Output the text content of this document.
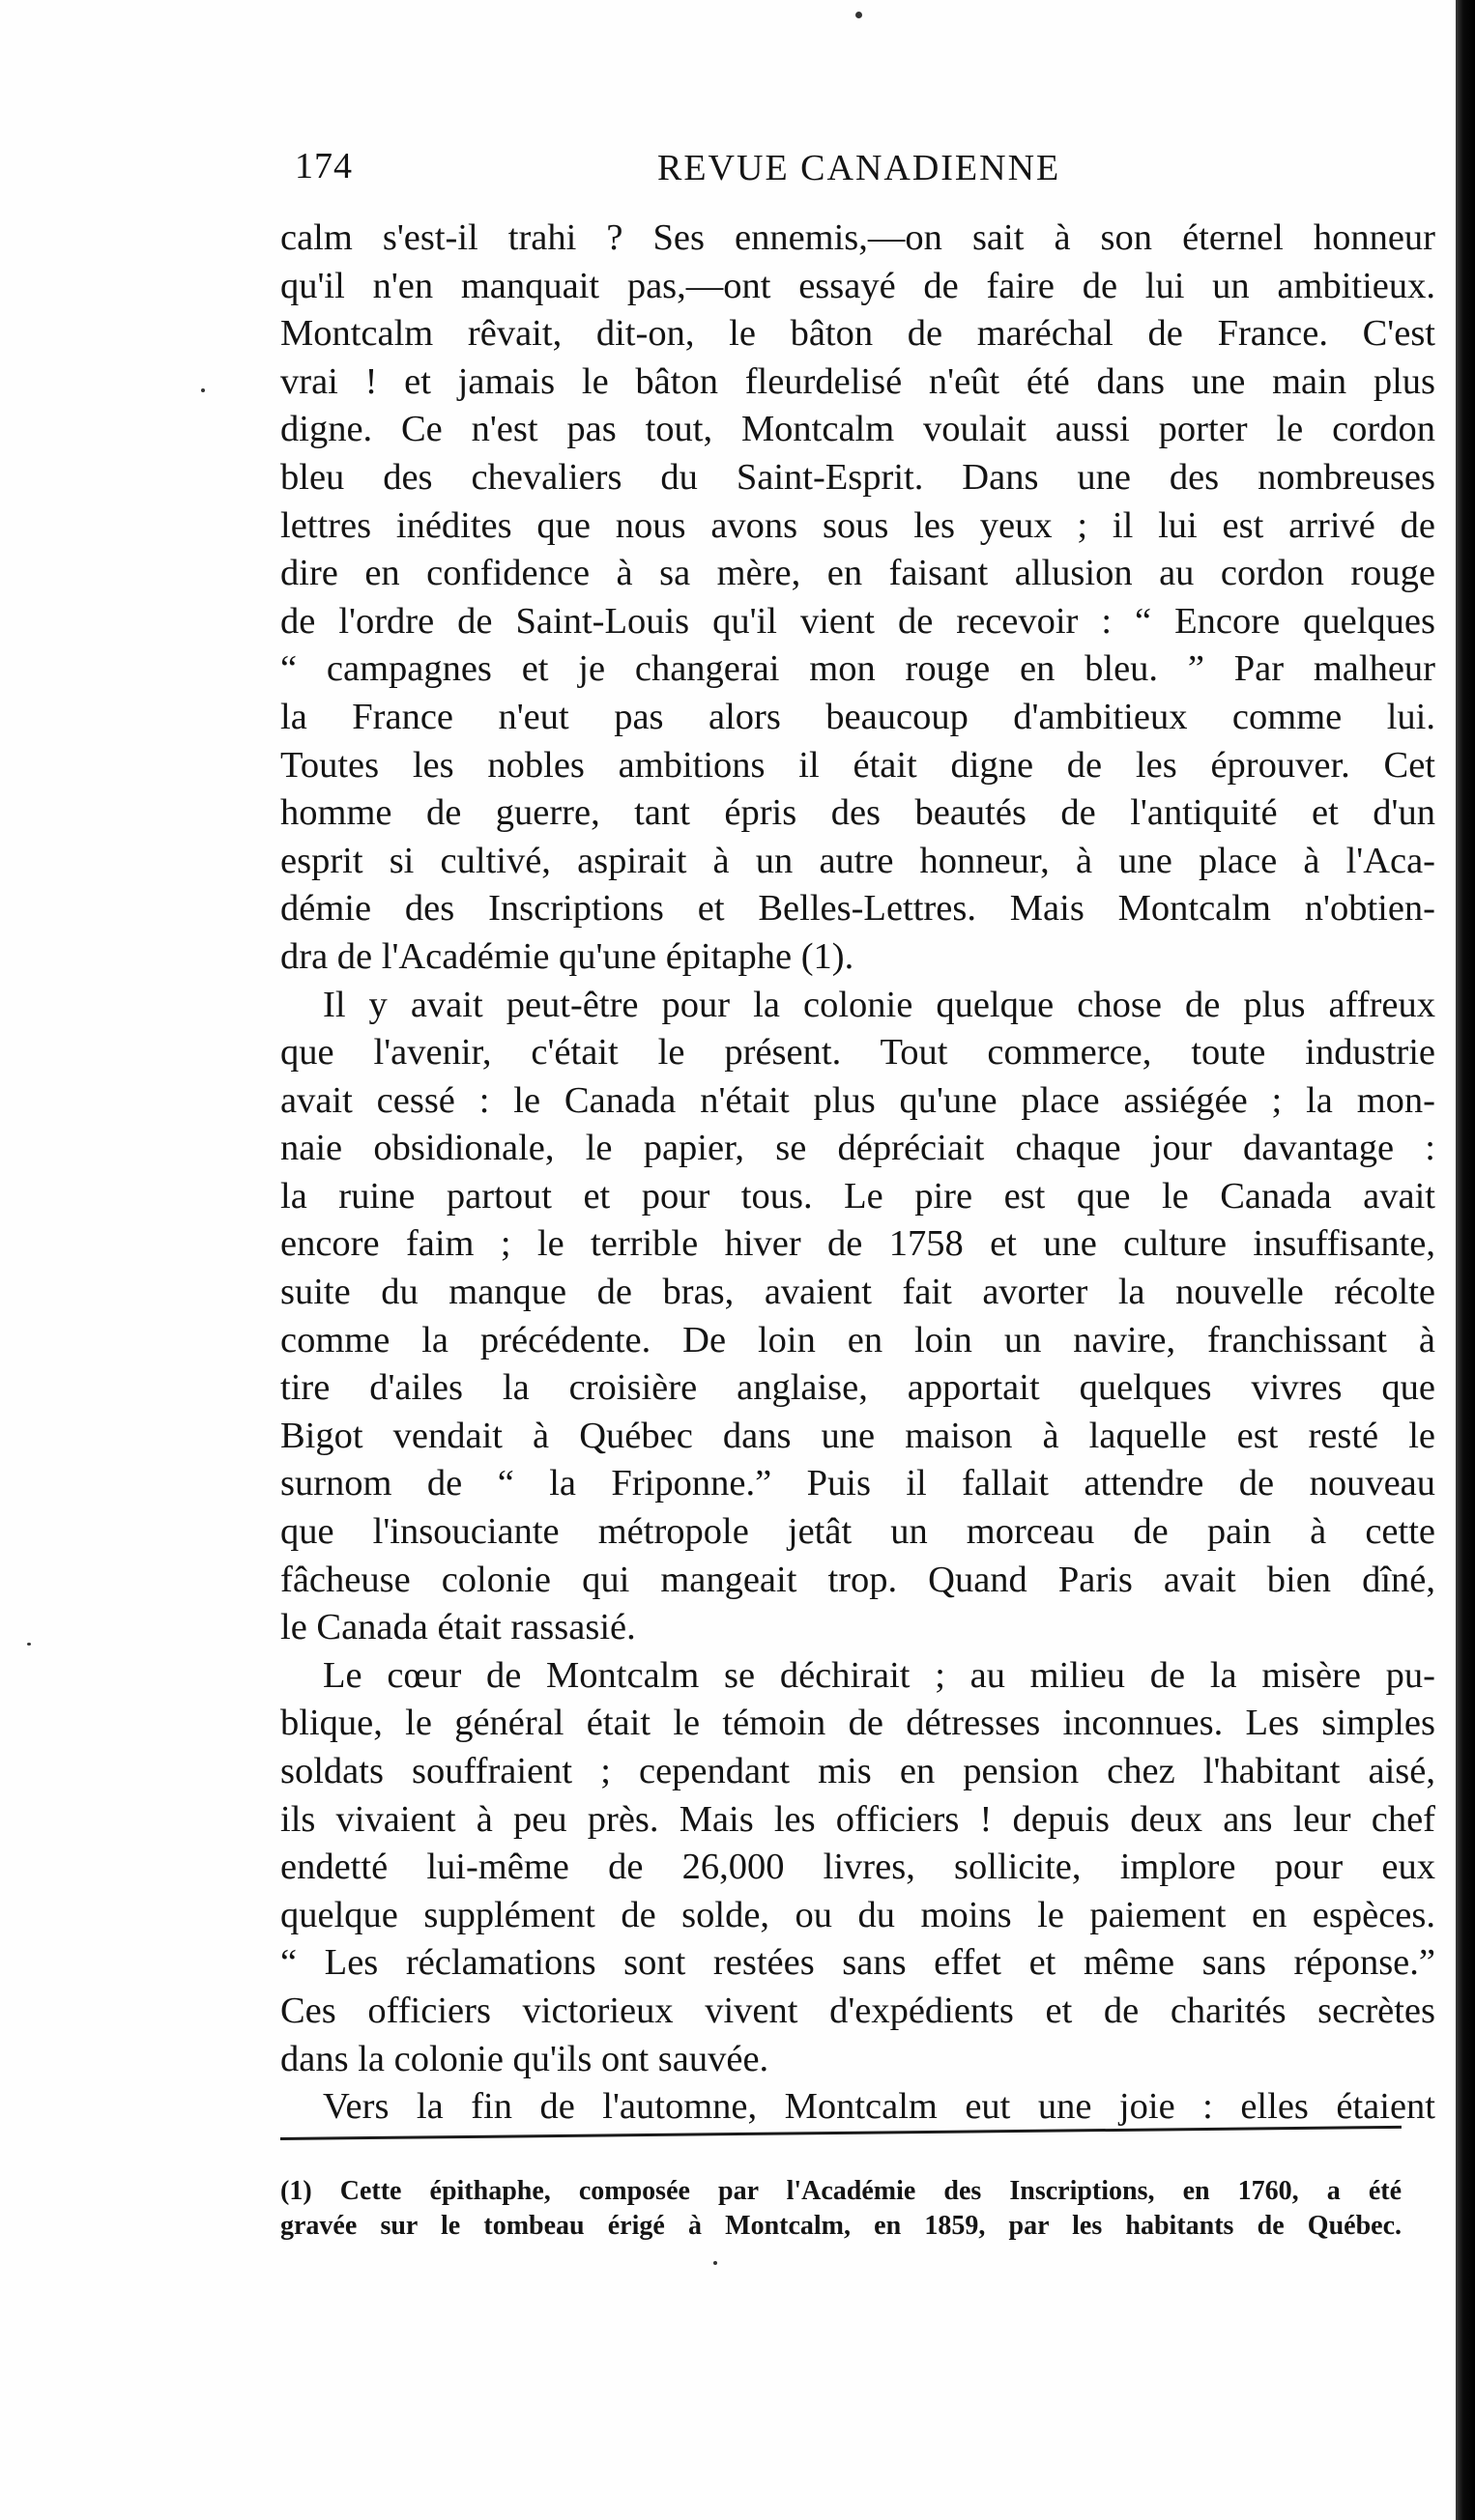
174	REVUE CANADIENNE

calm s'est-il trahi ? Ses ennemis,—on sait à son éternel honneur
qu'il n'en manquait pas,—ont essayé de faire de lui un ambitieux.
Montcalm rêvait, dit-on, le bâton de maréchal de France. C'est
vrai ! et jamais le bâton fleurdelisé n'eût été dans une main plus
digne. Ce n'est pas tout, Montcalm voulait aussi porter le cordon
bleu des chevaliers du Saint-Esprit. Dans une des nombreuses
lettres inédites que nous avons sous les yeux ; il lui est arrivé de
dire en confidence à sa mère, en faisant allusion au cordon rouge
de l'ordre de Saint-Louis qu'il vient de recevoir : “ Encore quelques
“ campagnes et je changerai mon rouge en bleu. ” Par malheur
la France n'eut pas alors beaucoup d'ambitieux comme lui.
Toutes les nobles ambitions il était digne de les éprouver. Cet
homme de guerre, tant épris des beautés de l'antiquité et d'un
esprit si cultivé, aspirait à un autre honneur, à une place à l'Aca-
démie des Inscriptions et Belles-Lettres. Mais Montcalm n'obtien-
dra de l'Académie qu'une épitaphe (1).

Il y avait peut-être pour la colonie quelque chose de plus affreux
que l'avenir, c'était le présent. Tout commerce, toute industrie
avait cessé : le Canada n'était plus qu'une place assiégée ; la mon-
naie obsidionale, le papier, se dépréciait chaque jour davantage :
la ruine partout et pour tous. Le pire est que le Canada avait
encore faim ; le terrible hiver de 1758 et une culture insuffisante,
suite du manque de bras, avaient fait avorter la nouvelle récolte
comme la précédente. De loin en loin un navire, franchissant à
tire d'ailes la croisière anglaise, apportait quelques vivres que
Bigot vendait à Québec dans une maison à laquelle est resté le
surnom de “ la Friponne.” Puis il fallait attendre de nouveau
que l'insouciante métropole jetât un morceau de pain à cette
fâcheuse colonie qui mangeait trop. Quand Paris avait bien dîné,
le Canada était rassasié.

Le cœur de Montcalm se déchirait ; au milieu de la misère pu-
blique, le général était le témoin de détresses inconnues. Les simples
soldats souffraient ; cependant mis en pension chez l'habitant aisé,
ils vivaient à peu près. Mais les officiers ! depuis deux ans leur chef
endetté lui-même de 26,000 livres, sollicite, implore pour eux
quelque supplément de solde, ou du moins le paiement en espèces.
“ Les réclamations sont restées sans effet et même sans réponse.”
Ces officiers victorieux vivent d'expédients et de charités secrètes
dans la colonie qu'ils ont sauvée.

Vers la fin de l'automne, Montcalm eut une joie : elles étaient

(1) Cette épithaphe, composée par l'Académie des Inscriptions, en 1760, a été
gravée sur le tombeau érigé à Montcalm, en 1859, par les habitants de Québec.
